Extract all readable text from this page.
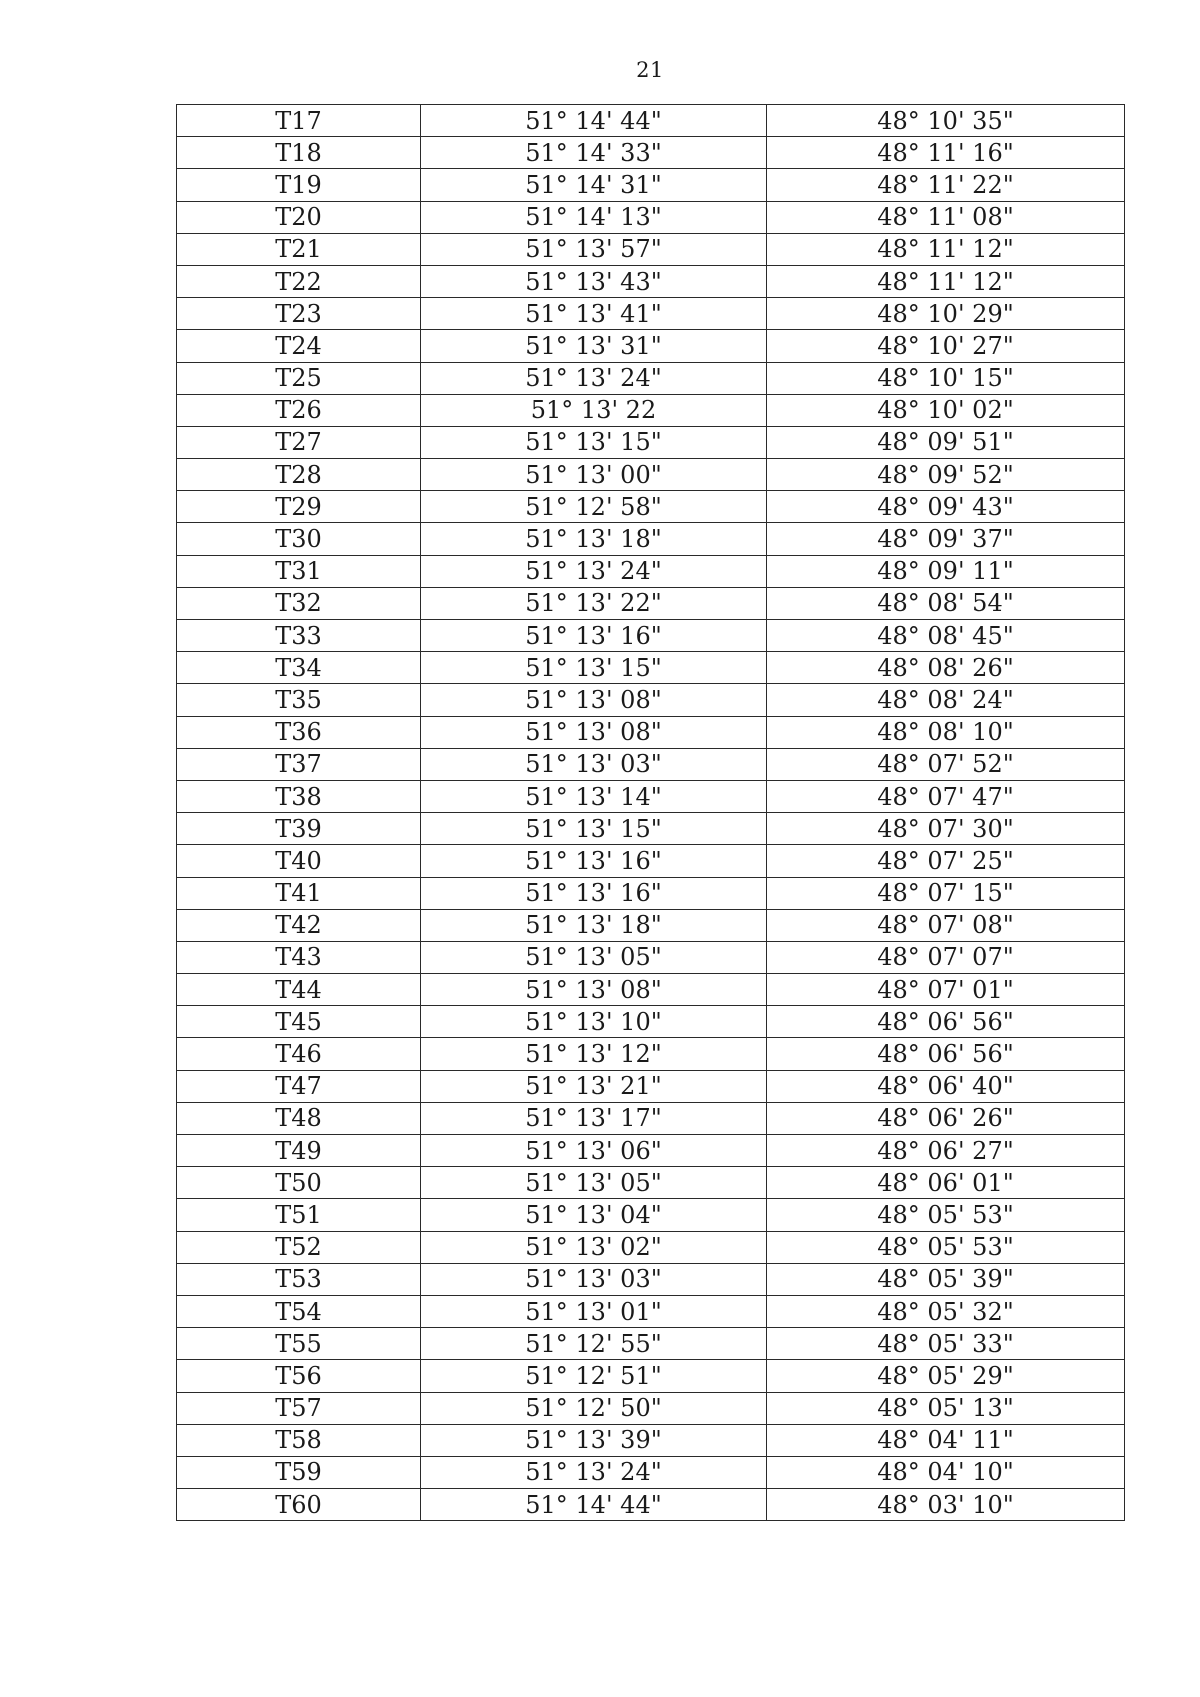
21
T17	51° 14' 44"	48° 10' 35"
T18	51° 14' 33"	48° 11' 16"
T19	51° 14' 31"	48° 11' 22"
T20	51° 14' 13"	48° 11' 08"
T21	51° 13' 57"	48° 11' 12"
T22	51° 13' 43"	48° 11' 12"
T23	51° 13' 41"	48° 10' 29"
T24	51° 13' 31"	48° 10' 27"
T25	51° 13' 24"	48° 10' 15"
T26	51° 13' 22	48° 10' 02"
T27	51° 13' 15"	48° 09' 51"
T28	51° 13' 00"	48° 09' 52"
T29	51° 12' 58"	48° 09' 43"
T30	51° 13' 18"	48° 09' 37"
T31	51° 13' 24"	48° 09' 11"
T32	51° 13' 22"	48° 08' 54"
T33	51° 13' 16"	48° 08' 45"
T34	51° 13' 15"	48° 08' 26"
T35	51° 13' 08"	48° 08' 24"
T36	51° 13' 08"	48° 08' 10"
T37	51° 13' 03"	48° 07' 52"
T38	51° 13' 14"	48° 07' 47"
T39	51° 13' 15"	48° 07' 30"
T40	51° 13' 16"	48° 07' 25"
T41	51° 13' 16"	48° 07' 15"
T42	51° 13' 18"	48° 07' 08"
T43	51° 13' 05"	48° 07' 07"
T44	51° 13' 08"	48° 07' 01"
T45	51° 13' 10"	48° 06' 56"
T46	51° 13' 12"	48° 06' 56"
T47	51° 13' 21"	48° 06' 40"
T48	51° 13' 17"	48° 06' 26"
T49	51° 13' 06"	48° 06' 27"
T50	51° 13' 05"	48° 06' 01"
T51	51° 13' 04"	48° 05' 53"
T52	51° 13' 02"	48° 05' 53"
T53	51° 13' 03"	48° 05' 39"
T54	51° 13' 01"	48° 05' 32"
T55	51° 12' 55"	48° 05' 33"
T56	51° 12' 51"	48° 05' 29"
T57	51° 12' 50"	48° 05' 13"
T58	51° 13' 39"	48° 04' 11"
T59	51° 13' 24"	48° 04' 10"
T60	51° 14' 44"	48° 03' 10"
